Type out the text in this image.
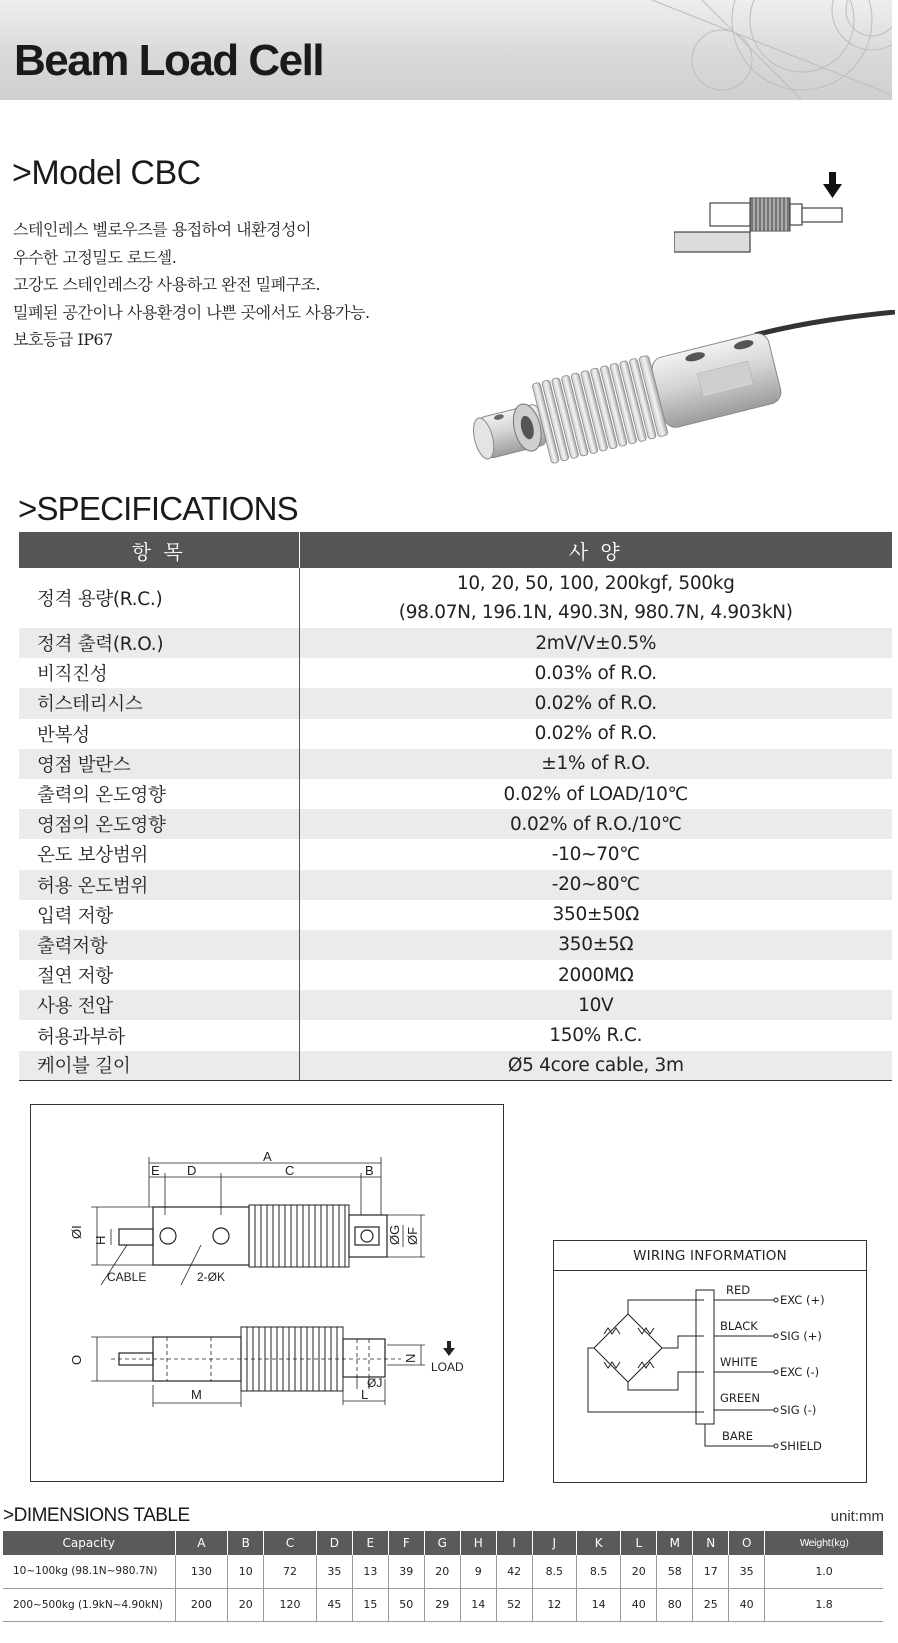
Beam Load Cell
>Model CBC
스테인레스 벨로우즈를 용접하여 내환경성이
우수한 고정밀도 로드셀.
고강도 스테인레스강 사용하고 완전 밀폐구조.
밀폐된 공간이나 사용환경이 나쁜 곳에서도 사용가능.
보호등급 IP67
>SPECIFICATIONS
항 목	사 양
정격 용량(R.C.)	10, 20, 50, 100, 200kgf, 500kg
(98.07N, 196.1N, 490.3N, 980.7N, 4.903kN)

정격 출력(R.O.)	2mV/V±0.5%
비직진성	0.03% of R.O.
히스테리시스	0.02% of R.O.
반복성	0.02% of R.O.
영점 발란스	±1% of R.O.
출력의 온도영향	0.02% of LOAD/10℃
영점의 온도영향	0.02% of R.O./10℃
온도 보상범위	-10~70℃
허용 온도범위	-20~80℃
입력 저항	350±50Ω
출력저항	350±5Ω
절연 저항	2000MΩ
사용 전압	10V
허용과부하	150% R.C.
케이블 길이	Ø5 4core cable, 3m
A
E D	C	B
ØI
H	ØG ØF
CABLE	2-ØK
O
M	L
ØJ
N
LOAD
WIRING INFORMATION
RED
EXC (+)
BLACK
SIG (+)
WHITE
EXC (-)
GREEN
SIG (-)
BARE
SHIELD
>DIMENSIONS TABLE	unit:mm
Capacity	A	B	C	D	E	F	G	H	I	J	K	L	M	N	O	Weight(kg)
10~100kg (98.1N~980.7N)	130	10	72	35	13	39	20	9	42	8.5	8.5	20	58	17	35	1.0
200~500kg (1.9kN~4.90kN)	200	20	120	45	15	50	29	14	52	12	14	40	80	25	40	1.8
